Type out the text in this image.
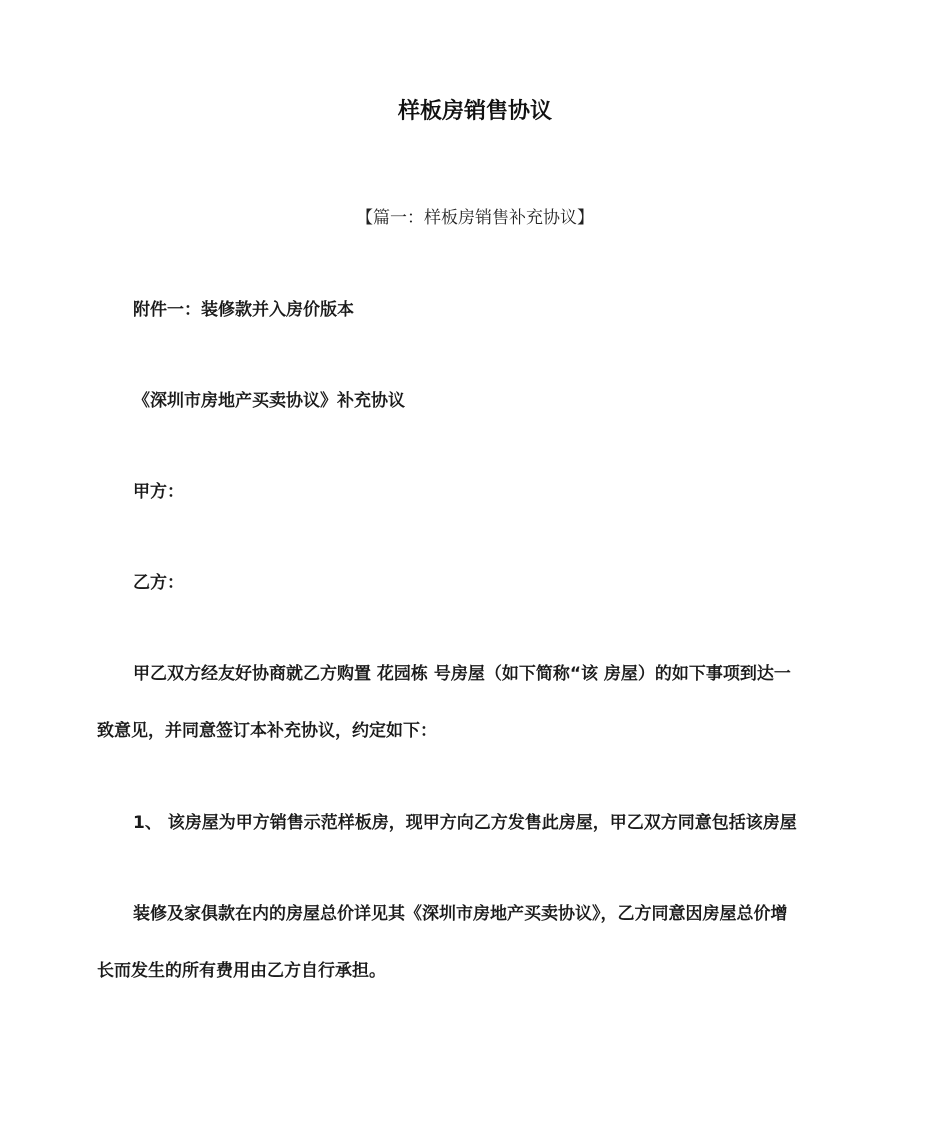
样板房销售协议
【篇一：样板房销售补充协议】
附件一：装修款并入房价版本
《深圳市房地产买卖协议》补充协议
甲方：
乙方：
甲乙双方经友好协商就乙方购置 花园栋 号房屋（如下简称“该 房屋）的如下事项到达一
致意见，并同意签订本补充协议，约定如下：
1、 该房屋为甲方销售示范样板房，现甲方向乙方发售此房屋，甲乙双方同意包括该房屋
装修及家俱款在内的房屋总价详见其《深圳市房地产买卖协议》，乙方同意因房屋总价增
长而发生的所有费用由乙方自行承担。
